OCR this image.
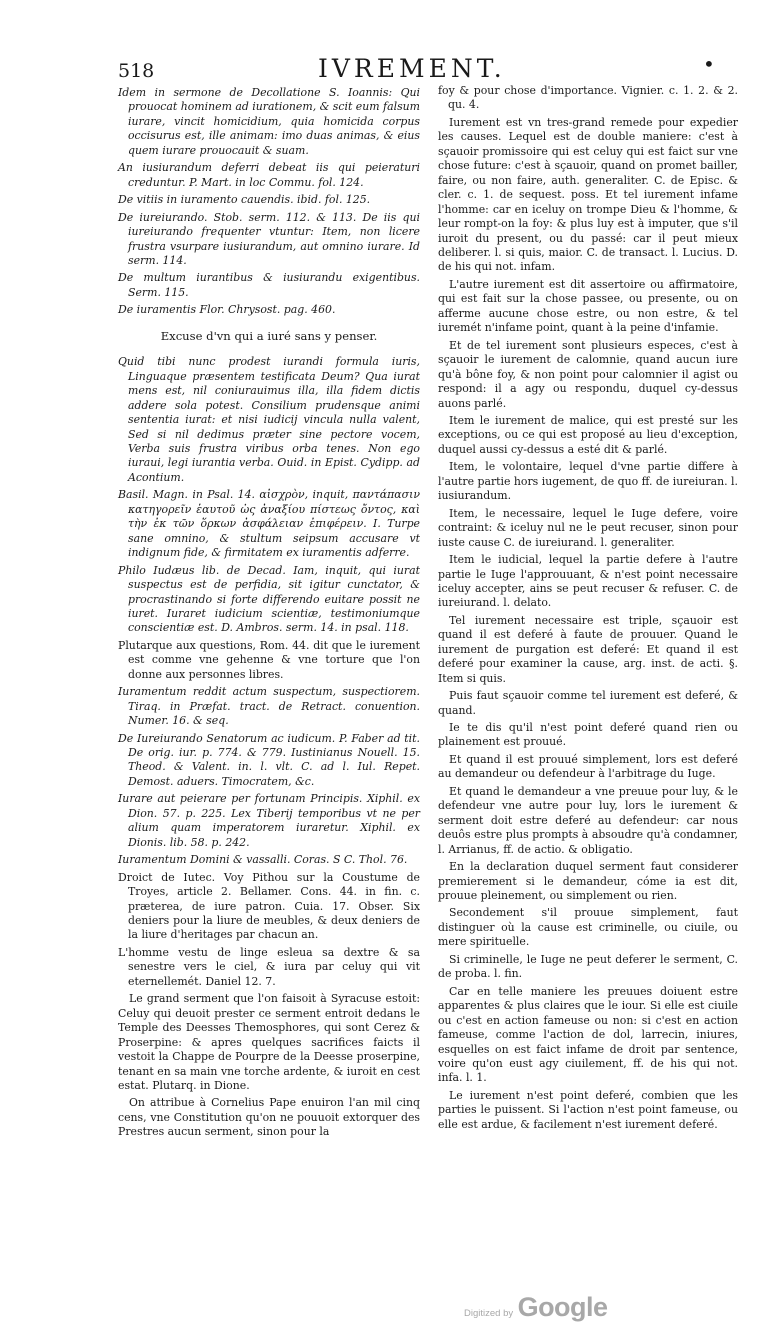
518	IVREMENT.	•

Idem in sermone de Decollatione S. Ioannis: Qui prouocat hominem ad iurationem, & scit eum falsum iurare, vincit homicidium, quia homicida corpus occisurus est, ille animam: imo duas animas, & eius quem iurare prouocauit & suam.

An iusiurandum deferri debeat iis qui peieraturi creduntur. P. Mart. in loc Commu. fol. 124.

De vitiis in iuramento cauendis. ibid. fol. 125.

De iureiurando. Stob. serm. 112. & 113. De iis qui iureiurando frequenter vtuntur: Item, non licere frustra vsurpare iusiurandum, aut omnino iurare. Id serm. 114.

De multum iurantibus & iusiurandu exigentibus. Serm. 115.

De iuramentis Flor. Chrysost. pag. 460.

Excuse d'vn qui a iuré sans y penser.

Quid tibi nunc prodest iurandi formula iuris, Linguaque præsentem testificata Deum? Qua iurat mens est, nil coniurauimus illa, illa fidem dictis addere sola potest. Consilium prudensque animi sententia iurat: et nisi iudicij vincula nulla valent, Sed si nil dedimus præter sine pectore vocem, Verba suis frustra viribus orba tenes. Non ego iuraui, legi iurantia verba. Ouid. in Epist. Cydipp. ad Acontium.

Basil. Magn. in Psal. 14. αἰσχρὸν, inquit, παντάπασιν κατηγορεῖν ἑαυτοῦ ὡς ἀναξίου πίστεως ὄντος, καὶ τὴν ἐκ τῶν ὅρκων ἀσφάλειαν ἐπιφέρειν. I. Turpe sane omnino, & stultum seipsum accusare vt indignum fide, & firmitatem ex iuramentis adferre.

Philo Iudæus lib. de Decad. Iam, inquit, qui iurat suspectus est de perfidia, sit igitur cunctator, & procrastinando si forte differendo euitare possit ne iuret. Iuraret iudicium scientiæ, testimoniumque conscientiæ est. D. Ambros. serm. 14. in psal. 118.

Plutarque aux questions, Rom. 44. dit que le iurement est comme vne gehenne & vne torture que l'on donne aux personnes libres.

Iuramentum reddit actum suspectum, suspectiorem. Tiraq. in Præfat. tract. de Retract. conuention. Numer. 16. & seq.

De Iureiurando Senatorum ac iudicum. P. Faber ad tit. De orig. iur. p. 774. & 779. Iustinianus Nouell. 15. Theod. & Valent. in. l. vlt. C. ad l. Iul. Repet. Demost. aduers. Timocratem, &c.

Iurare aut peierare per fortunam Principis. Xiphil. ex Dion. 57. p. 225. Lex Tiberij temporibus vt ne per alium quam imperatorem iuraretur. Xiphil. ex Dionis. lib. 58. p. 242.

Iuramentum Domini & vassalli. Coras. S C. Thol. 76.

Droict de Iutec. Voy Pithou sur la Coustume de Troyes, article 2. Bellamer. Cons. 44. in fin. c. præterea, de iure patron. Cuia. 17. Obser. Six deniers pour la liure de meubles, & deux deniers de la liure d'heritages par chacun an.

L'homme vestu de linge esleua sa dextre & sa senestre vers le ciel, & iura par celuy qui vit eternellemét. Daniel 12. 7.

Le grand serment que l'on faisoit à Syracuse estoit: Celuy qui deuoit prester ce serment entroit dedans le Temple des Deesses Themosphores, qui sont Cerez & Proserpine: & apres quelques sacrifices faicts il vestoit la Chappe de Pourpre de la Deesse proserpine, tenant en sa main vne torche ardente, & iuroit en cest estat. Plutarq. in Dione.

On attribue à Cornelius Pape enuiron l'an mil cinq cens, vne Constitution qu'on ne pouuoit extorquer des Prestres aucun serment, sinon pour la

foy & pour chose d'importance. Vignier. c. 1. 2. & 2. qu. 4.

Iurement est vn tres-grand remede pour expedier les causes. Lequel est de double maniere: c'est à sçauoir promissoire qui est celuy qui est faict sur vne chose future: c'est à sçauoir, quand on promet bailler, faire, ou non faire, auth. generaliter. C. de Episc. & cler. c. 1. de sequest. poss. Et tel iurement infame l'homme: car en iceluy on trompe Dieu & l'homme, & leur rompt-on la foy: & plus luy est à imputer, que s'il iuroit du present, ou du passé: car il peut mieux deliberer. l. si quis, maior. C. de transact. l. Lucius. D. de his qui not. infam.

L'autre iurement est dit assertoire ou affirmatoire, qui est fait sur la chose passee, ou presente, ou on afferme aucune chose estre, ou non estre, & tel iuremét n'infame point, quant à la peine d'infamie.

Et de tel iurement sont plusieurs especes, c'est à sçauoir le iurement de calomnie, quand aucun iure qu'à bône foy, & non point pour calomnier il agist ou respond: il a agy ou respondu, duquel cy-dessus auons parlé.

Item le iurement de malice, qui est presté sur les exceptions, ou ce qui est proposé au lieu d'exception, duquel aussi cy-dessus a esté dit & parlé.

Item, le volontaire, lequel d'vne partie differe à l'autre partie hors iugement, de quo ff. de iureiuran. l. iusiurandum.

Item, le necessaire, lequel le Iuge defere, voire contraint: & iceluy nul ne le peut recuser, sinon pour iuste cause C. de iureiurand. l. generaliter.

Item le iudicial, lequel la partie defere à l'autre partie le Iuge l'approuuant, & n'est point necessaire iceluy accepter, ains se peut recuser & refuser. C. de iureiurand. l. delato.

Tel iurement necessaire est triple, sçauoir est quand il est deferé à faute de prouuer. Quand le iurement de purgation est deferé: Et quand il est deferé pour examiner la cause, arg. inst. de acti. §. Item si quis.

Puis faut sçauoir comme tel iurement est deferé, & quand.

Ie te dis qu'il n'est point deferé quand rien ou plainement est prouué.

Et quand il est prouué simplement, lors est deferé au demandeur ou defendeur à l'arbitrage du Iuge.

Et quand le demandeur a vne preuue pour luy, & le defendeur vne autre pour luy, lors le iurement & serment doit estre deferé au defendeur: car nous deuôs estre plus prompts à absoudre qu'à condamner, l. Arrianus, ff. de actio. & obligatio.

En la declaration duquel serment faut considerer premierement si le demandeur, cóme ia est dit, prouue pleinement, ou simplement ou rien.

Secondement s'il prouue simplement, faut distinguer où la cause est criminelle, ou ciuile, ou mere spirituelle.

Si criminelle, le Iuge ne peut deferer le serment, C. de proba. l. fin.

Car en telle maniere les preuues doiuent estre apparentes & plus claires que le iour. Si elle est ciuile ou c'est en action fameuse ou non: si c'est en action fameuse, comme l'action de dol, larrecin, iniures, esquelles on est faict infame de droit par sentence, voire qu'on eust agy ciuilement, ff. de his qui not. infa. l. 1.

Le iurement n'est point deferé, combien que les parties le puissent. Si l'action n'est point fameuse, ou elle est ardue, & facilement n'est iurement deferé.

Digitized by Google
